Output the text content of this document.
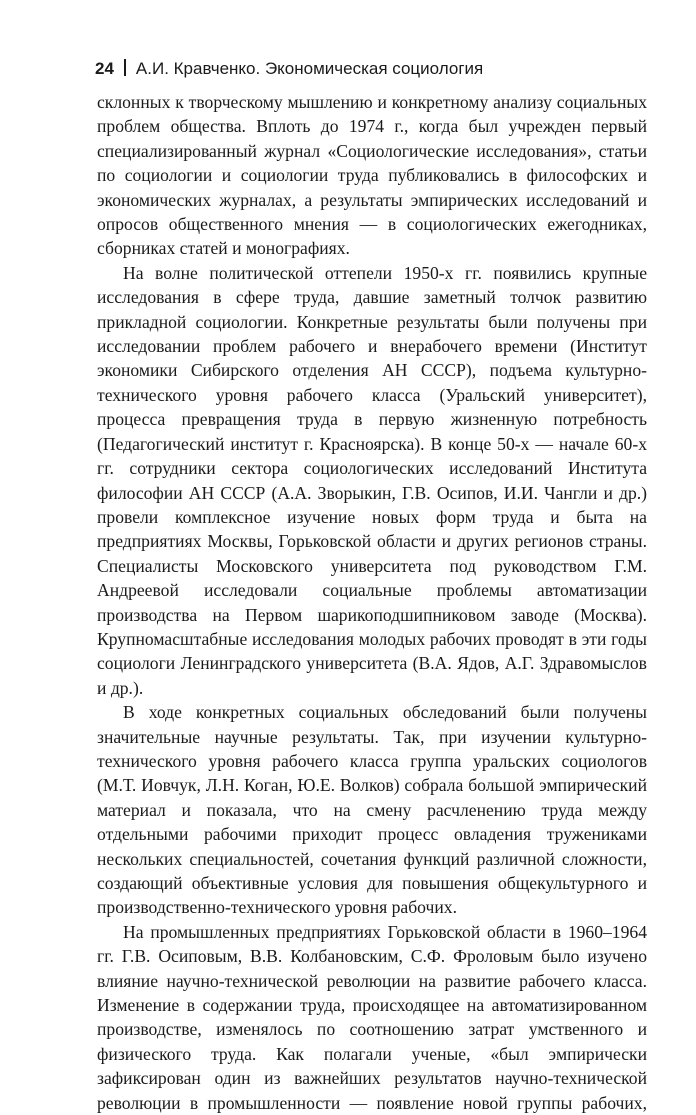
24 А.И. Кравченко. Экономическая социология

склонных к творческому мышлению и конкретному анализу социальных проблем общества. Вплоть до 1974 г., когда был учрежден первый специализированный журнал «Социологические исследования», статьи по социологии и социологии труда публиковались в философских и экономических журналах, а результаты эмпирических исследований и опросов общественного мнения — в социологических ежегодниках, сборниках статей и монографиях.

На волне политической оттепели 1950-х гг. появились крупные исследования в сфере труда, давшие заметный толчок развитию прикладной социологии. Конкретные результаты были получены при исследовании проблем рабочего и внерабочего времени (Институт экономики Сибирского отделения АН СССР), подъема культурно-технического уровня рабочего класса (Уральский университет), процесса превращения труда в первую жизненную потребность (Педагогический институт г. Красноярска). В конце 50-х — начале 60-х гг. сотрудники сектора социологических исследований Института философии АН СССР (А.А. Зворыкин, Г.В. Осипов, И.И. Чангли и др.) провели комплексное изучение новых форм труда и быта на предприятиях Москвы, Горьковской области и других регионов страны. Специалисты Московского университета под руководством Г.М. Андреевой исследовали социальные проблемы автоматизации производства на Первом шарикоподшипниковом заводе (Москва). Крупномасштабные исследования молодых рабочих проводят в эти годы социологи Ленинградского университета (В.А. Ядов, А.Г. Здравомыслов и др.).

В ходе конкретных социальных обследований были получены значительные научные результаты. Так, при изучении культурно-технического уровня рабочего класса группа уральских социологов (М.Т. Иовчук, Л.Н. Коган, Ю.Е. Волков) собрала большой эмпирический материал и показала, что на смену расчленению труда между отдельными рабочими приходит процесс овладения тружениками нескольких специальностей, сочетания функций различной сложности, создающий объективные условия для повышения общекультурного и производственно-технического уровня рабочих.

На промышленных предприятиях Горьковской области в 1960–1964 гг. Г.В. Осиповым, В.В. Колбановским, С.Ф. Фроловым было изучено влияние научно-технической революции на развитие рабочего класса. Изменение в содержании труда, происходящее на автоматизированном производстве, изменялось по соотношению затрат умственного и физического труда. Как полагали ученые, «был эмпирически зафиксирован один из важнейших результатов научно-технической революции в промышленности — появление новой группы рабочих,
